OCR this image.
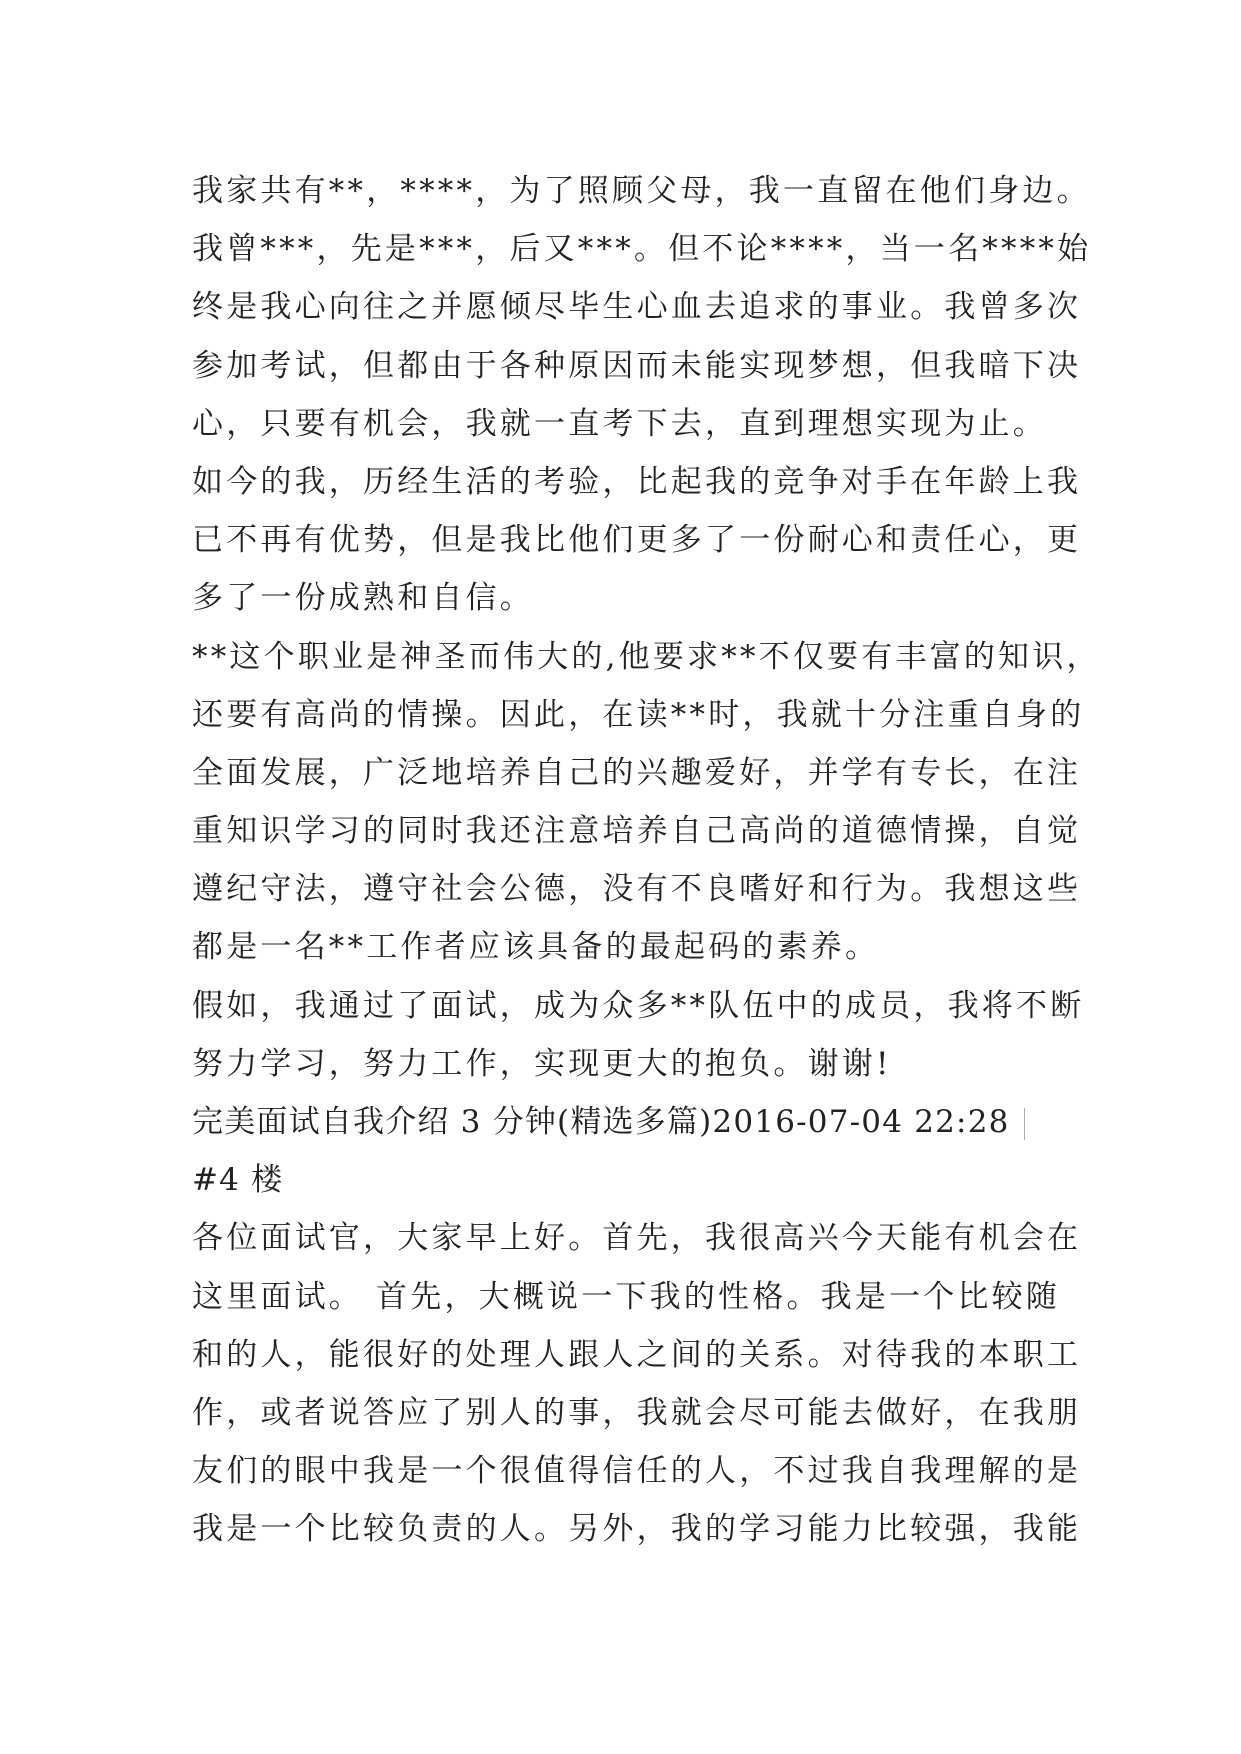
我家共有**，****，为了照顾父母，我一直留在他们身边。
我曾***，先是***，后又***。但不论****，当一名****始
终是我心向往之并愿倾尽毕生心血去追求的事业。我曾多次
参加考试，但都由于各种原因而未能实现梦想，但我暗下决
心，只要有机会，我就一直考下去，直到理想实现为止。
如今的我，历经生活的考验，比起我的竞争对手在年龄上我
已不再有优势，但是我比他们更多了一份耐心和责任心，更
多了一份成熟和自信。
**这个职业是神圣而伟大的,他要求**不仅要有丰富的知识，
还要有高尚的情操。因此，在读**时，我就十分注重自身的
全面发展，广泛地培养自己的兴趣爱好，并学有专长，在注
重知识学习的同时我还注意培养自己高尚的道德情操，自觉
遵纪守法，遵守社会公德，没有不良嗜好和行为。我想这些
都是一名**工作者应该具备的最起码的素养。
假如，我通过了面试，成为众多**队伍中的成员，我将不断
努力学习，努力工作，实现更大的抱负。谢谢!
完美面试自我介绍 3 分钟(精选多篇)2016-07-04 22:28
#4 楼
各位面试官，大家早上好。首先，我很高兴今天能有机会在
这里面试。 首先，大概说一下我的性格。我是一个比较随
和的人，能很好的处理人跟人之间的关系。对待我的本职工
作，或者说答应了别人的事，我就会尽可能去做好，在我朋
友们的眼中我是一个很值得信任的人，不过我自我理解的是
我是一个比较负责的人。另外，我的学习能力比较强，我能
